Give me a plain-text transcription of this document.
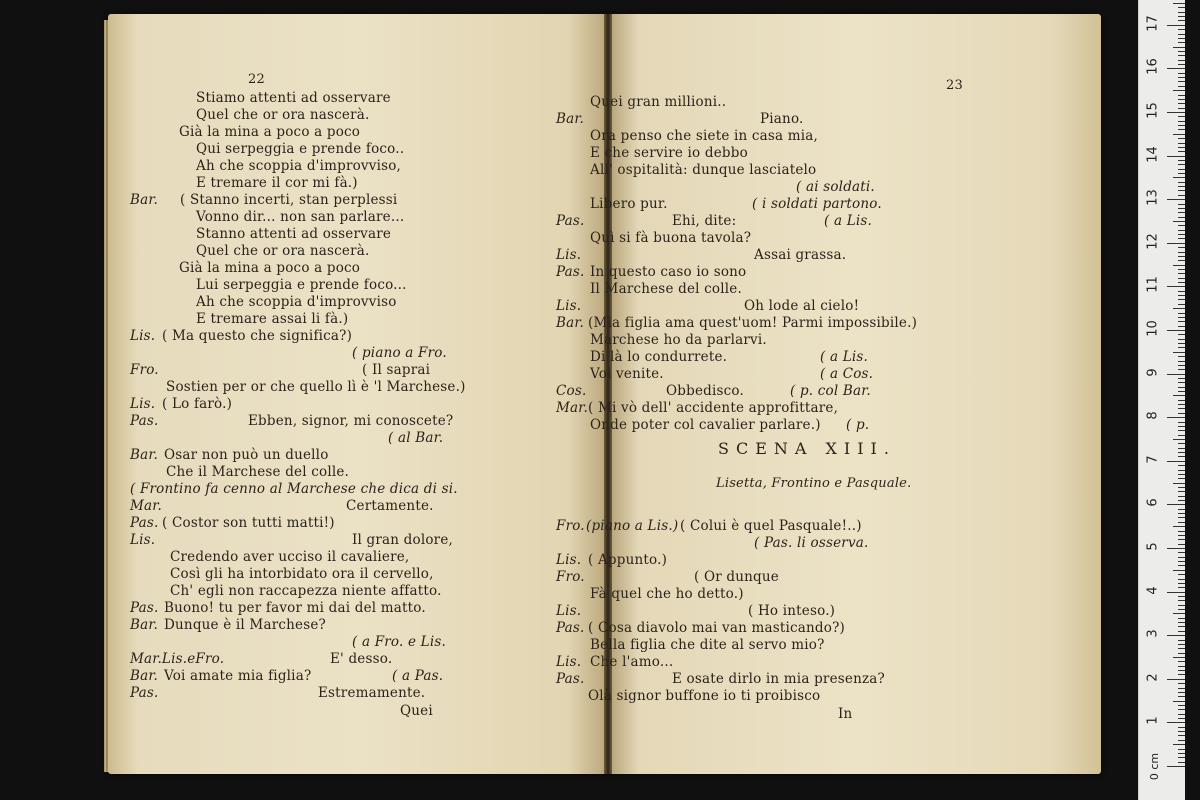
22	23
Stiamo attenti ad osservare
Quel che or ora nascerà.
Già la mina a poco a poco
Qui serpeggia e prende foco..
Ah che scoppia d'improvviso,
E tremare il cor mi fà.)
Bar. ( Stanno incerti, stan perplessi
Vonno dir... non san parlare...
Stanno attenti ad osservare
Quel che or ora nascerà.
Già la mina a poco a poco
Lui serpeggia e prende foco...
Ah che scoppia d'improvviso
E tremare assai li fà.)
Lis. ( Ma questo che significa?)
( piano a Fro.
Fro.	( Il saprai
Sostien per or che quello lì è 'l Marchese.)
Lis. ( Lo farò.)
Pas.	Ebben, signor, mi conoscete?
( al Bar.
Bar. Osar non può un duello
Che il Marchese del colle.
( Frontino fa cenno al Marchese che dica di si.
Mar.	Certamente.
Pas. ( Costor son tutti matti!)
Lis.	Il gran dolore,
Credendo aver ucciso il cavaliere,
Così gli ha intorbidato ora il cervello,
Ch' egli non raccapezza niente affatto.
Pas. Buono! tu per favor mi dai del matto.
Bar. Dunque è il Marchese?
( a Fro. e Lis.
Mar.Lis.eFro.	E' desso.
Bar. Voi amate mia figlia?	( a Pas.
Pas.	Estremamente.
Quei
Quei gran millioni..
Bar.	Piano.
Ora penso che siete in casa mia,
E che servire io debbo
All' ospitalità: dunque lasciatelo
( ai soldati.
Libero pur.	( i soldati partono.
Pas.	Ehi, dite:	( a Lis.
Quì si fà buona tavola?
Lis.	Assai grassa.
Pas. In questo caso io sono
Il Marchese del colle.
Lis.	Oh lode al cielo!
Bar. (Mia figlia ama quest'uom! Parmi impossibile.)
Marchese ho da parlarvi.
Di là lo condurrete.	( a Lis.
Voi venite.	( a Cos.
Cos.	Obbedisco.	( p. col Bar.
Mar. ( Mi vò dell' accidente approfittare,
Onde poter col cavalier parlare.) ( p.
Fro. (piano a Lis.) ( Colui è quel Pasquale!..)
( Pas. li osserva.
Lis. ( Appunto.)
Fro.	( Or dunque
Fà quel che ho detto.)
Lis.	( Ho inteso.)
Pas. ( Cosa diavolo mai van masticando?)
Bella figlia che dite al servo mio?
Lis. Che l'amo...
Pas.	E osate dirlo in mia presenza?
Olà signor buffone io ti proibisco
In
SCENA XIII.
Lisetta, Frontino e Pasquale.
0 cm
1
2
3
4
5
6
7
8
9
10
11
12
13
14
15
16
17
